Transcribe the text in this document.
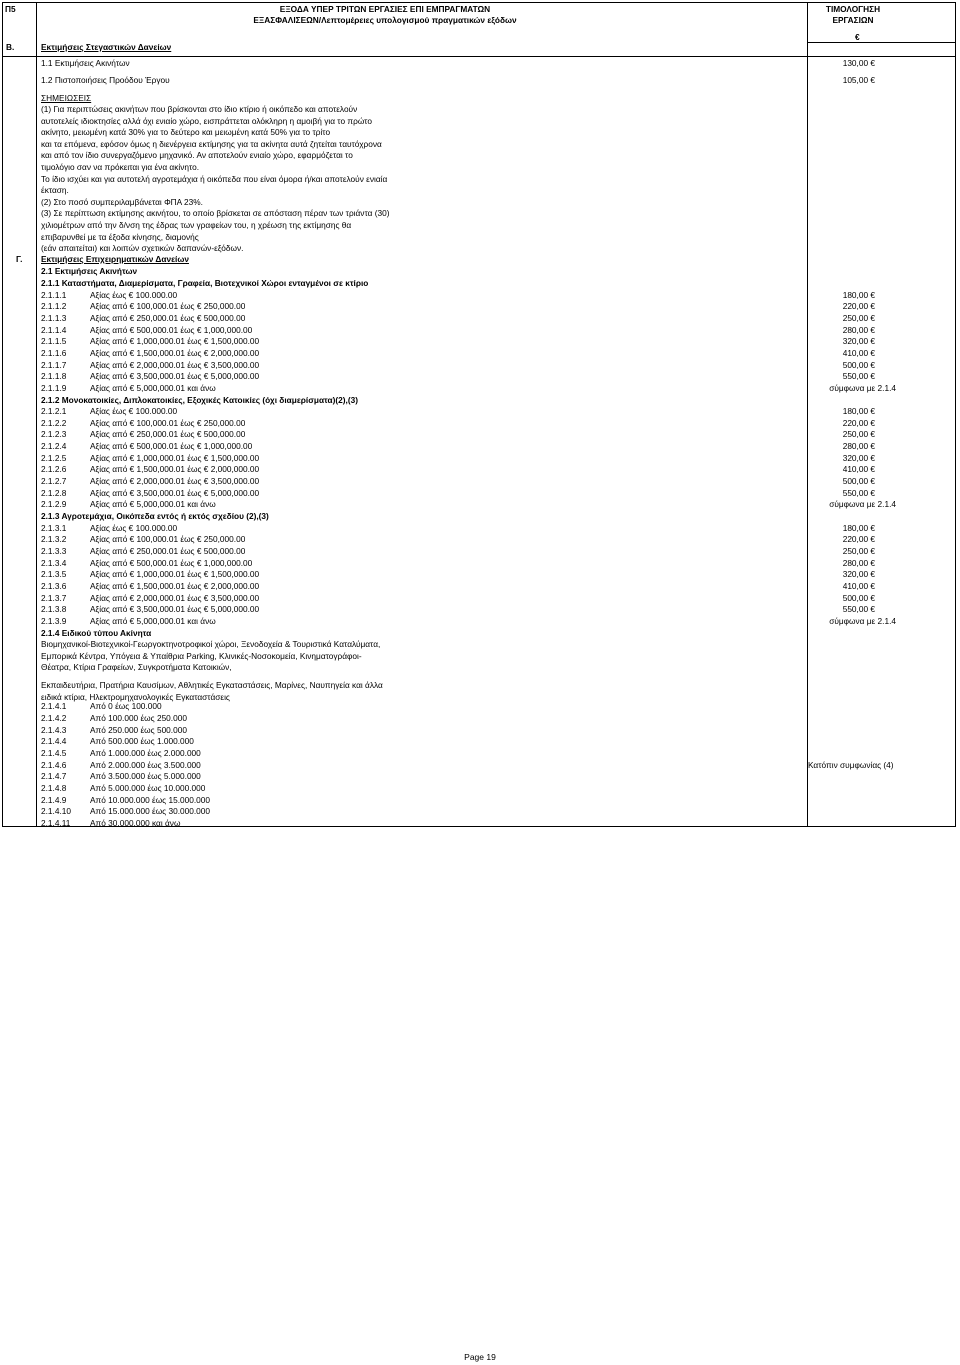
Π5	ΕΞΟΔΑ ΥΠΕΡ ΤΡΙΤΩΝ ΕΡΓΑΣΙΕΣ ΕΠΙ ΕΜΠΡΑΓΜΑΤΩΝ
ΕΞΑΣΦΑΛΙΣΕΩΝ/Λεπτομέρειες υπολογισμού πραγματικών εξόδων
ΤΙΜΟΛΟΓΗΣΗ
ΕΡΓΑΣΙΩΝ
€
Β.	Εκτιμήσεις Στεγαστικών Δανείων
1.1 Εκτιμήσεις Ακινήτων	130,00 €
1.2 Πιστοποιήσεις Προόδου Έργου	105,00 €
ΣΗΜΕΙΩΣΕΙΣ
(1) Για περιπτώσεις ακινήτων που βρίσκονται στο ίδιο κτίριο ή οικόπεδο και αποτελούν
αυτοτελείς ιδιοκτησίες αλλά όχι ενιαίο χώρο, εισπράττεται ολόκληρη η αμοιβή για το πρώτο
ακίνητο, μειωμένη κατά 30% για το δεύτερο και μειωμένη κατά 50% για το τρίτο
και τα επόμενα, εφόσον όμως η διενέργεια εκτίμησης για τα ακίνητα αυτά ζητείται ταυτόχρονα
και από τον ίδιο συνεργαζόμενο μηχανικό. Αν αποτελούν ενιαίο χώρο, εφαρμόζεται το
τιμολόγιο σαν να πρόκειται για ένα ακίνητο.
Το ίδιο ισχύει και για αυτοτελή αγροτεμάχια ή οικόπεδα που είναι όμορα ή/και αποτελούν ενιαία
έκταση.
(2) Στο ποσό συμπεριλαμβάνεται ΦΠΑ 23%.
(3) Σε περίπτωση εκτίμησης ακινήτου, το οποίο βρίσκεται σε απόσταση πέραν των τριάντα (30)
χιλιομέτρων από την δ/νση της έδρας των γραφείων του, η χρέωση της εκτίμησης θα
επιβαρυνθεί με τα έξοδα κίνησης, διαμονής
(εάν απαιτείται) και λοιπών σχετικών δαπανών-εξόδων.
Γ. Εκτιμήσεις Επιχειρηματικών Δανείων
2.1 Εκτιμήσεις Ακινήτων
2.1.1 Καταστήματα, Διαμερίσματα, Γραφεία, Βιοτεχνικοί Χώροι ενταγμένοι σε κτίριο
2.1.1.1	Αξίας έως € 100.000.00	180,00 €
2.1.1.2	Αξίας από € 100,000.01 έως € 250,000.00	220,00 €
2.1.1.3	Αξίας από € 250,000.01 έως € 500,000.00	250,00 €
2.1.1.4	Αξίας από € 500,000.01 έως € 1,000,000.00	280,00 €
2.1.1.5	Αξίας από € 1,000,000.01 έως € 1,500,000.00	320,00 €
2.1.1.6	Αξίας από € 1,500,000.01 έως € 2,000,000.00	410,00 €
2.1.1.7	Αξίας από € 2,000,000.01 έως € 3,500,000.00	500,00 €
2.1.1.8	Αξίας από € 3,500,000.01 έως € 5,000,000.00	550,00 €
2.1.1.9	Αξίας από € 5,000,000.01 και άνω	σύμφωνα με 2.1.4
2.1.2 Μονοκατοικίες, Διπλοκατοικίες, Εξοχικές Κατοικίες (όχι διαμερίσματα)(2),(3)
2.1.2.1	Αξίας έως € 100.000.00	180,00 €
2.1.2.2	Αξίας από € 100,000.01 έως € 250,000.00	220,00 €
2.1.2.3	Αξίας από € 250,000.01 έως € 500,000.00	250,00 €
2.1.2.4	Αξίας από € 500,000.01 έως € 1,000,000.00	280,00 €
2.1.2.5	Αξίας από € 1,000,000.01 έως € 1,500,000.00	320,00 €
2.1.2.6	Αξίας από € 1,500,000.01 έως € 2,000,000.00	410,00 €
2.1.2.7	Αξίας από € 2,000,000.01 έως € 3,500,000.00	500,00 €
2.1.2.8	Αξίας από € 3,500,000.01 έως € 5,000,000.00	550,00 €
2.1.2.9	Αξίας από € 5,000,000.01 και άνω	σύμφωνα με 2.1.4
2.1.3 Αγροτεμάχια, Οικόπεδα εντός ή εκτός σχεδίου (2),(3)
2.1.3.1	Αξίας έως € 100.000.00	180,00 €
2.1.3.2	Αξίας από € 100,000.01 έως € 250,000.00	220,00 €
2.1.3.3	Αξίας από € 250,000.01 έως € 500,000.00	250,00 €
2.1.3.4	Αξίας από € 500,000.01 έως € 1,000,000.00	280,00 €
2.1.3.5	Αξίας από € 1,000,000.01 έως € 1,500,000.00	320,00 €
2.1.3.6	Αξίας από € 1,500,000.01 έως € 2,000,000.00	410,00 €
2.1.3.7	Αξίας από € 2,000,000.01 έως € 3,500,000.00	500,00 €
2.1.3.8	Αξίας από € 3,500,000.01 έως € 5,000,000.00	550,00 €
2.1.3.9	Αξίας από € 5,000,000.01 και άνω	σύμφωνα με 2.1.4
2.1.4 Ειδικού τύπου Ακίνητα
Βιομηχανικοί-Βιοτεχνικοί-Γεωργοκτηνοτροφικοί χώροι, Ξενοδοχεία & Τουριστικά Καταλύματα,
Εμπορικά Κέντρα, Υπόγεια & Υπαίθρια Parking, Κλινικές-Νοσοκομεία, Κινηματογράφοι-
Θέατρα, Κτίρια Γραφείων, Συγκροτήματα Κατοικιών,
Εκπαιδευτήρια, Πρατήρια Καυσίμων, Αθλητικές Εγκαταστάσεις, Μαρίνες, Ναυπηγεία και άλλα
ειδικά κτίρια, Ηλεκτρομηχανολογικές Εγκαταστάσεις
2.1.4.1	Από 0 έως 100.000
2.1.4.2	Από 100.000 έως 250.000
2.1.4.3	Από 250.000 έως 500.000
2.1.4.4	Από 500.000 έως 1.000.000
2.1.4.5	Από 1.000.000 έως 2.000.000
2.1.4.6	Από 2.000.000 έως 3.500.000
2.1.4.7	Από 3.500.000 έως 5.000.000
2.1.4.8	Από 5.000.000 έως 10.000.000
2.1.4.9	Από 10.000.000 έως 15.000.000
2.1.4.10 Από 15.000.000 έως 30.000.000
2.1.4.11 Από 30.000.000 και άνω
Κατόπιν συμφωνίας (4)
Page 19
